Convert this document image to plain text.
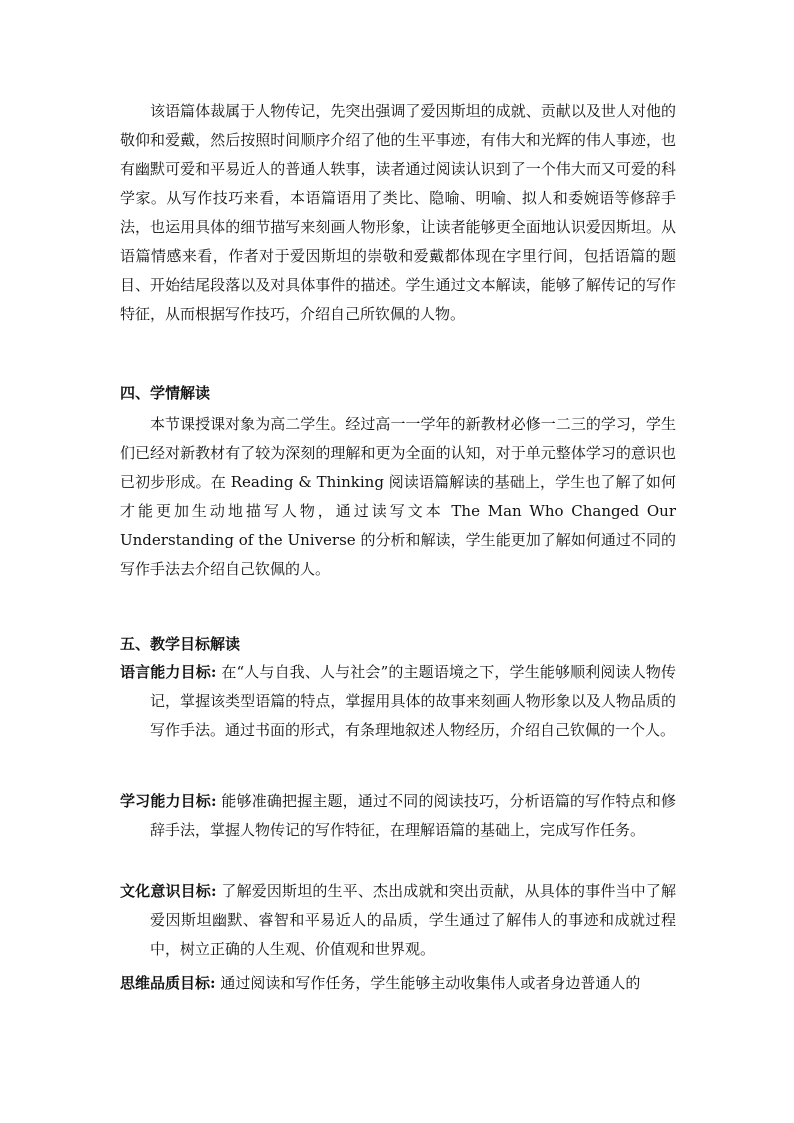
该语篇体裁属于人物传记，先突出强调了爱因斯坦的成就、贡献以及世人对他的敬仰和爱戴，然后按照时间顺序介绍了他的生平事迹，有伟大和光辉的伟人事迹，也有幽默可爱和平易近人的普通人轶事，读者通过阅读认识到了一个伟大而又可爱的科学家。从写作技巧来看，本语篇语用了类比、隐喻、明喻、拟人和委婉语等修辞手法，也运用具体的细节描写来刻画人物形象，让读者能够更全面地认识爱因斯坦。从语篇情感来看，作者对于爱因斯坦的崇敬和爱戴都体现在字里行间，包括语篇的题目、开始结尾段落以及对具体事件的描述。学生通过文本解读，能够了解传记的写作特征，从而根据写作技巧，介绍自己所钦佩的人物。

四、学情解读

本节课授课对象为高二学生。经过高一一学年的新教材必修一二三的学习，学生们已经对新教材有了较为深刻的理解和更为全面的认知，对于单元整体学习的意识也已初步形成。在 Reading & Thinking 阅读语篇解读的基础上，学生也了解了如何才能更加生动地描写人物，通过读写文本 The Man Who Changed Our Understanding of the Universe 的分析和解读，学生能更加了解如何通过不同的写作手法去介绍自己钦佩的人。

五、教学目标解读
语言能力目标: 在“人与自我、人与社会”的主题语境之下，学生能够顺利阅读人物传记，掌握该类型语篇的特点，掌握用具体的故事来刻画人物形象以及人物品质的写作手法。通过书面的形式，有条理地叙述人物经历，介绍自己钦佩的一个人。
学习能力目标: 能够准确把握主题，通过不同的阅读技巧，分析语篇的写作特点和修辞手法，掌握人物传记的写作特征，在理解语篇的基础上，完成写作任务。
文化意识目标: 了解爱因斯坦的生平、杰出成就和突出贡献，从具体的事件当中了解爱因斯坦幽默、睿智和平易近人的品质，学生通过了解伟人的事迹和成就过程中，树立正确的人生观、价值观和世界观。
思维品质目标: 通过阅读和写作任务，学生能够主动收集伟人或者身边普通人的
